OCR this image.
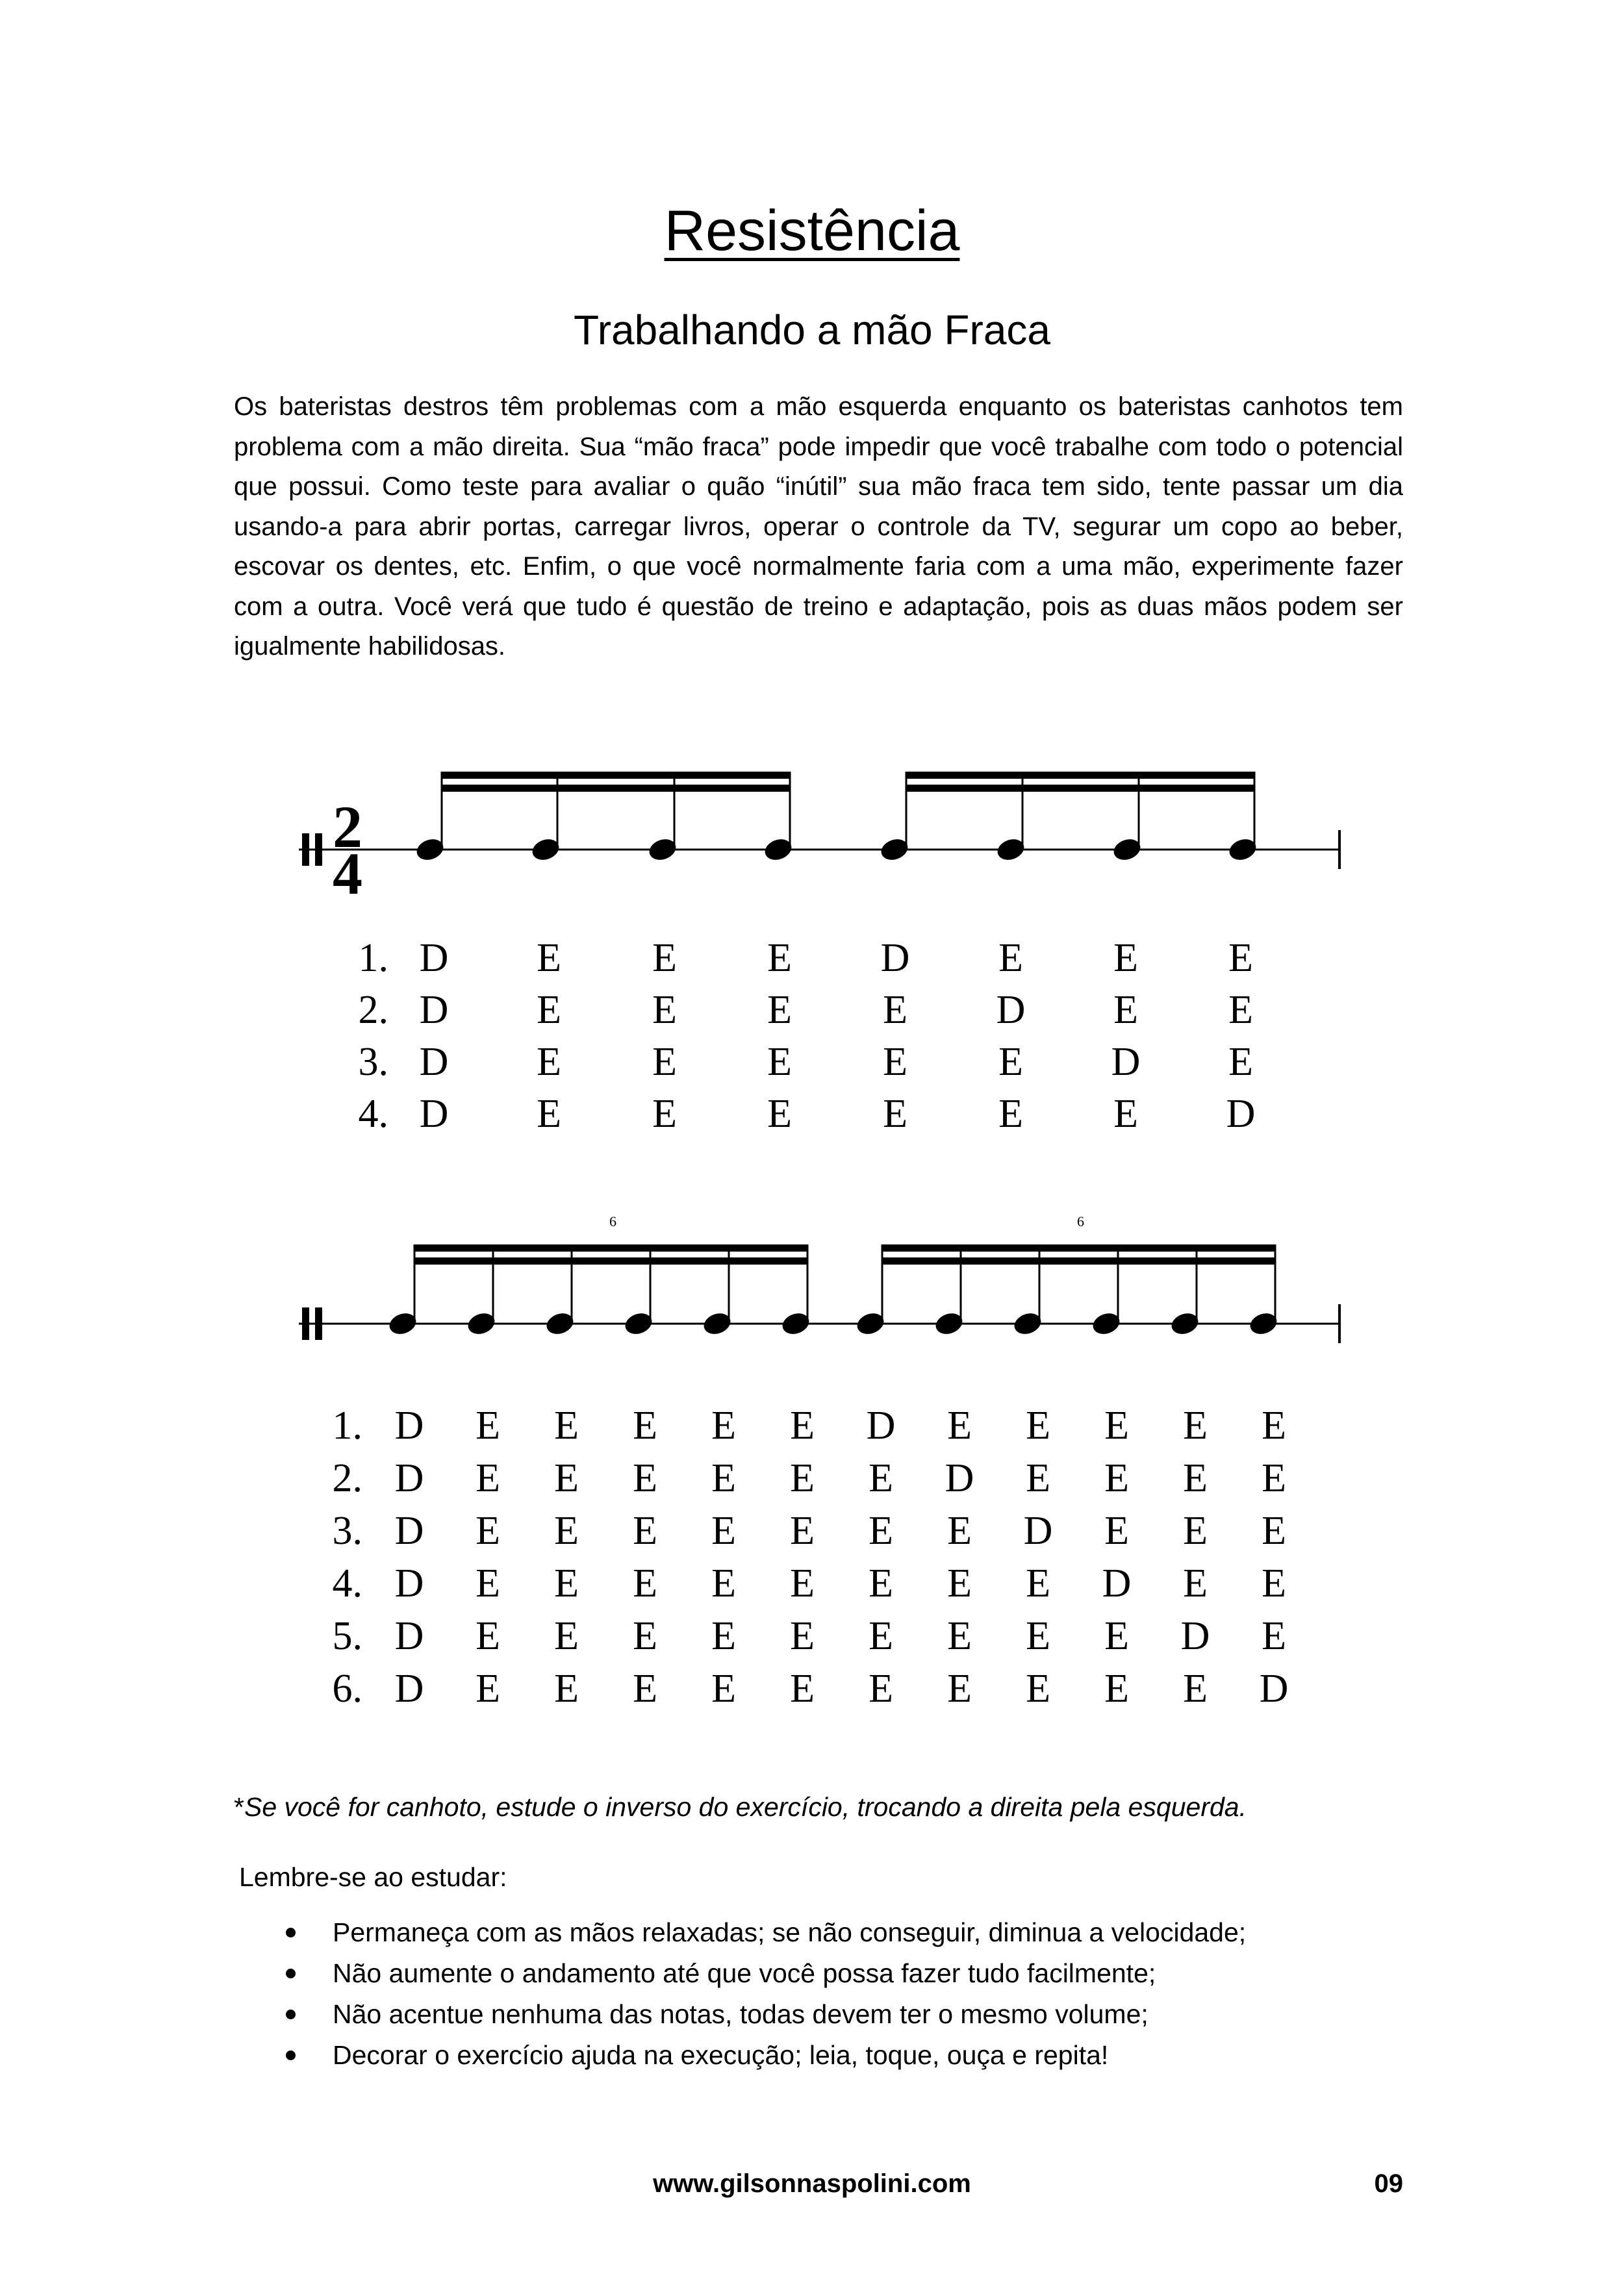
Resistência
Trabalhando a mão Fraca

Os bateristas destros têm problemas com a mão esquerda enquanto os bateristas canhotos tem problema com a mão direita. Sua “mão fraca” pode impedir que você trabalhe com todo o potencial que possui. Como teste para avaliar o quão “inútil” sua mão fraca tem sido, tente passar um dia usando-a para abrir portas, carregar livros, operar o controle da TV, segurar um copo ao beber, escovar os dentes, etc. Enfim, o que você normalmente faria com a uma mão, experimente fazer com a outra. Você verá que tudo é questão de treino e adaptação, pois as duas mãos podem ser igualmente habilidosas.

2
4
1. D	E	E	E	D	E	E	E
2. D	E	E	E	E	D	E	E
3. D	E	E	E	E	E	D	E
4. D	E	E	E	E	E	E	D
6	6
1. D	E	E	E	E	E	D	E	E	E	E	E
2. D	E	E	E	E	E	E	D	E	E	E	E
3. D	E	E	E	E	E	E	E	D	E	E	E
4. D	E	E	E	E	E	E	E	E	D	E	E
5. D	E	E	E	E	E	E	E	E	E	D	E
6. D	E	E	E	E	E	E	E	E	E	E	D
*Se você for canhoto, estude o inverso do exercício, trocando a direita pela esquerda.
Lembre-se ao estudar:
Permaneça com as mãos relaxadas; se não conseguir, diminua a velocidade;
Não aumente o andamento até que você possa fazer tudo facilmente;
Não acentue nenhuma das notas, todas devem ter o mesmo volume;
Decorar o exercício ajuda na execução; leia, toque, ouça e repita!
www.gilsonnaspolini.com	09
